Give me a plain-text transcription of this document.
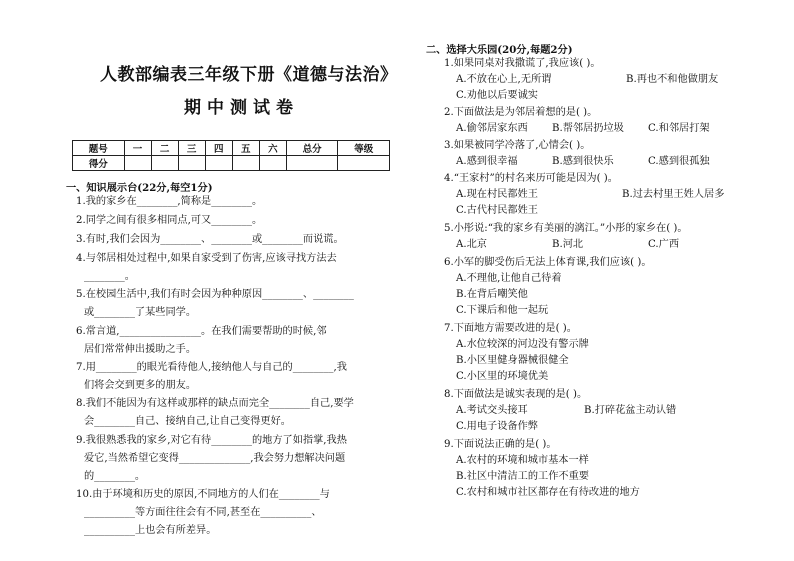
人教部编表三年级下册《道德与法治》
期中测试卷
题号	一	二	三	四	五	六	总分	等级
得分								
一、知识展示台(22分,每空1分)
1.我的家乡在________,简称是________。
2.同学之间有很多相同点,可又________。
3.有时,我们会因为________、________或________而说谎。
4.与邻居相处过程中,如果自家受到了伤害,应该寻找方法去
________。
5.在校园生活中,我们有时会因为种种原因________、________
或________了某些同学。
6.常言道,________________。在我们需要帮助的时候,邻
居们常常伸出援助之手。
7.用________的眼光看待他人,接纳他人与自己的________,我
们将会交到更多的朋友。
8.我们不能因为有这样或那样的缺点而完全________自己,要学
会________自己、接纳自己,让自己变得更好。
9.我很熟悉我的家乡,对它有待________的地方了如指掌,我热
爱它,当然希望它变得______________,我会努力想解决问题
的________。
10.由于环境和历史的原因,不同地方的人们在________与
__________等方面往往会有不同,甚至在__________、
__________上也会有所差异。
二、选择大乐园(20分,每题2分)
1.如果同桌对我撒谎了,我应该( )。
A.不放在心上,无所谓	B.再也不和他做朋友
C.劝他以后要诚实
2.下面做法是为邻居着想的是( )。
A.偷邻居家东西 B.帮邻居扔垃圾 C.和邻居打架
3.如果被同学冷落了,心情会( )。
A.感到很幸福	B.感到很快乐	C.感到很孤独
4.“王家村”的村名来历可能是因为( )。
A.现在村民都姓王	B.过去村里王姓人居多
C.古代村民都姓王
5.小彤说:“我的家乡有美丽的漓江。”小彤的家乡在( )。
A.北京	B.河北	C.广西
6.小军的脚受伤后无法上体育课,我们应该( )。
A.不理他,让他自己待着
B.在背后嘲笑他
C.下课后和他一起玩
7.下面地方需要改进的是( )。
A.水位较深的河边没有警示牌
B.小区里健身器械很健全
C.小区里的环境优美
8.下面做法是诚实表现的是( )。
A.考试交头接耳	B.打碎花盆主动认错
C.用电子设备作弊
9.下面说法正确的是( )。
A.农村的环境和城市基本一样
B.社区中清洁工的工作不重要
C.农村和城市社区都存在有待改进的地方
